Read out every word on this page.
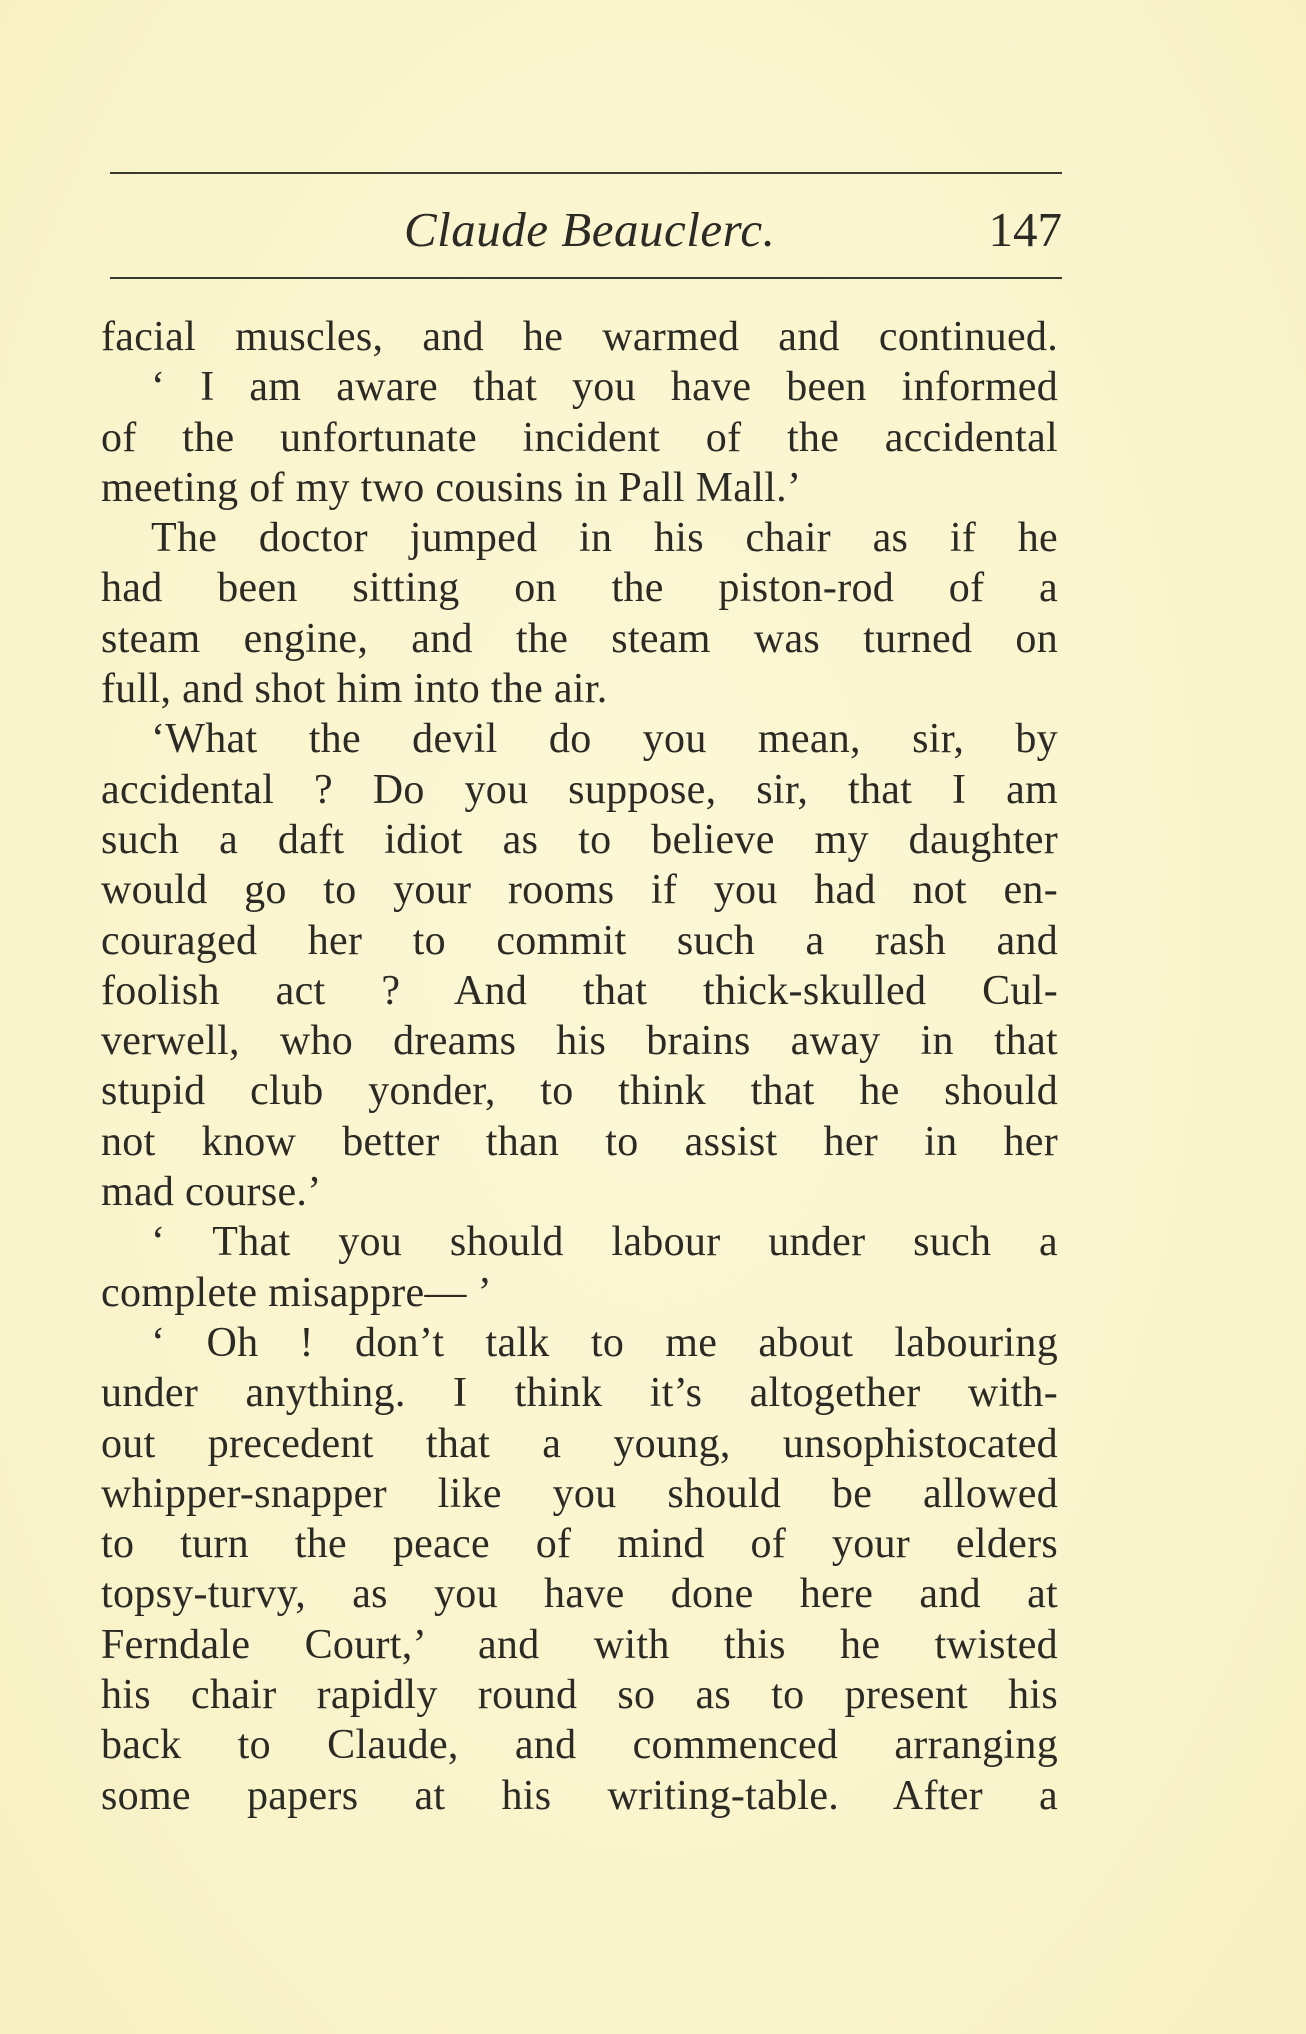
Claude Beauclerc.	147
facial muscles, and he warmed and continued.
‘ I am aware that you have been informed
of the unfortunate incident of the accidental
meeting of my two cousins in Pall Mall.’
The doctor jumped in his chair as if he
had been sitting on the piston-rod of a
steam engine, and the steam was turned on
full, and shot him into the air.
‘What the devil do you mean, sir, by
accidental ? Do you suppose, sir, that I am
such a daft idiot as to believe my daughter
would go to your rooms if you had not en-
couraged her to commit such a rash and
foolish act ? And that thick-skulled Cul-
verwell, who dreams his brains away in that
stupid club yonder, to think that he should
not know better than to assist her in her
mad course.’
‘ That you should labour under such a
complete misappre— ’
‘ Oh ! don’t talk to me about labouring
under anything. I think it’s altogether with-
out precedent that a young, unsophistocated
whipper-snapper like you should be allowed
to turn the peace of mind of your elders
topsy-turvy, as you have done here and at
Ferndale Court,’ and with this he twisted
his chair rapidly round so as to present his
back to Claude, and commenced arranging
some papers at his writing-table. After a
